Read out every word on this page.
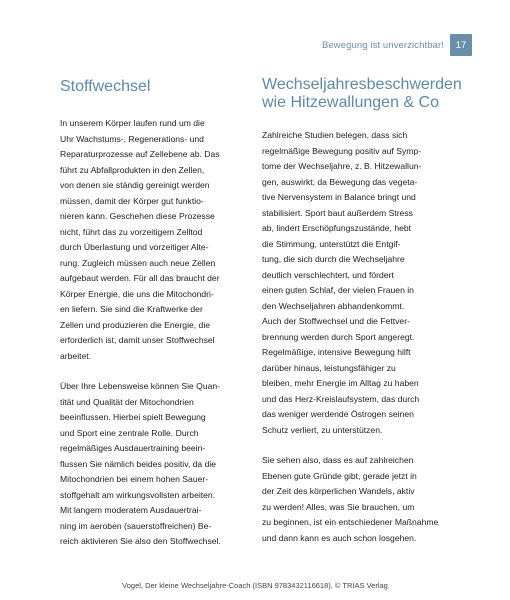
Bewegung ist unverzichtbar!	17
Stoffwechsel

In unserem Körper laufen rund um die
Uhr Wachstums-, Regenerations- und
Reparaturprozesse auf Zellebene ab. Das
führt zu Abfallprodukten in den Zellen,
von denen sie ständig gereinigt werden
müssen, damit der Körper gut funktio-
nieren kann. Geschehen diese Prozesse
nicht, führt das zu vorzeitigem Zelltod
durch Überlastung und vorzeitiger Alte-
rung. Zugleich müssen auch neue Zellen
aufgebaut werden. Für all das braucht der
Körper Energie, die uns die Mitochondri-
en liefern. Sie sind die Kraftwerke der
Zellen und produzieren die Energie, die
erforderlich ist, damit unser Stoffwechsel
arbeitet.

Über Ihre Lebensweise können Sie Quan-
tität und Qualität der Mitochondrien
beeinflussen. Hierbei spielt Bewegung
und Sport eine zentrale Rolle. Durch
regelmäßiges Ausdauertraining beein-
flussen Sie nämlich beides positiv, da die
Mitochondrien bei einem hohen Sauer-
stoffgehalt am wirkungsvollsten arbeiten.
Mit langem moderatem Ausdauertrai-
ning im aeroben (sauerstoffreichen) Be-
reich aktivieren Sie also den Stoffwechsel.

Wechseljahresbeschwerden
wie Hitzewallungen & Co

Zahlreiche Studien belegen, dass sich
regelmäßige Bewegung positiv auf Symp-
tome der Wechseljahre, z. B. Hitzewallun-
gen, auswirkt, da Bewegung das vegeta-
tive Nervensystem in Balance bringt und
stabilisiert. Sport baut außerdem Stress
ab, lindert Erschöpfungszustände, hebt
die Stimmung, unterstützt die Entgif-
tung, die sich durch die Wechseljahre
deutlich verschlechtert, und fördert
einen guten Schlaf, der vielen Frauen in
den Wechseljahren abhandenkommt.
Auch der Stoffwechsel und die Fettver-
brennung werden durch Sport angeregt.
Regelmäßige, intensive Bewegung hilft
darüber hinaus, leistungsfähiger zu
bleiben, mehr Energie im Alltag zu haben
und das Herz-Kreislaufsystem, das durch
das weniger werdende Östrogen seinen
Schutz verliert, zu unterstützen.

Sie sehen also, dass es auf zahlreichen
Ebenen gute Gründe gibt, gerade jetzt in
der Zeit des körperlichen Wandels, aktiv
zu werden! Alles, was Sie brauchen, um
zu beginnen, ist ein entschiedener Maßnahme
und dann kann es auch schon losgehen.

Vogel, Der kleine Wechseljahre-Coach (ISBN 9783432116618), © TRIAS Verlag
